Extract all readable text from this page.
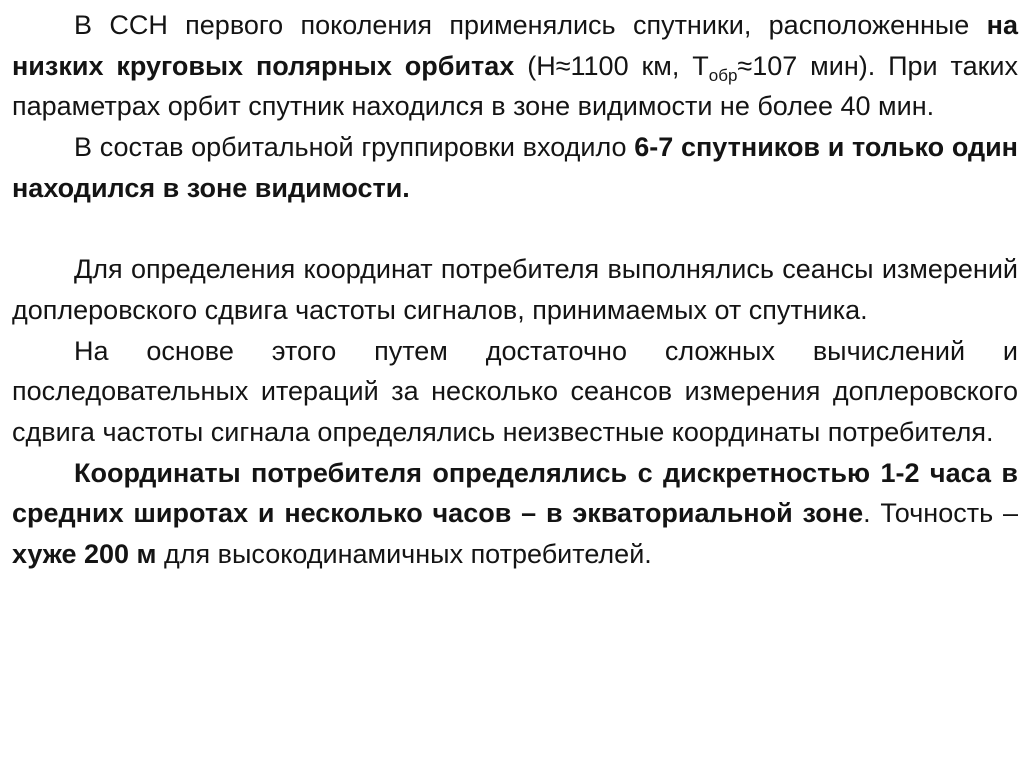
В ССН первого поколения применялись спутники, расположенные на низких круговых полярных орбитах (Н≈1100 км, $Т_{обр}\approx 107$ мин). При таких параметрах орбит спутник находился в зоне видимости не более 40 мин.

В состав орбитальной группировки входило 6-7 спутников и только один находился в зоне видимости.

Для определения координат потребителя выполнялись сеансы измерений доплеровского сдвига частоты сигналов, принимаемых от спутника.

На основе этого путем достаточно сложных вычислений и последовательных итераций за несколько сеансов измерения доплеровского сдвига частоты сигнала определялись неизвестные координаты потребителя.

Координаты потребителя определялись с дискретностью 1-2 часа в средних широтах и несколько часов – в экваториальной зоне. Точность – хуже 200 м для высокодинамичных потребителей.
